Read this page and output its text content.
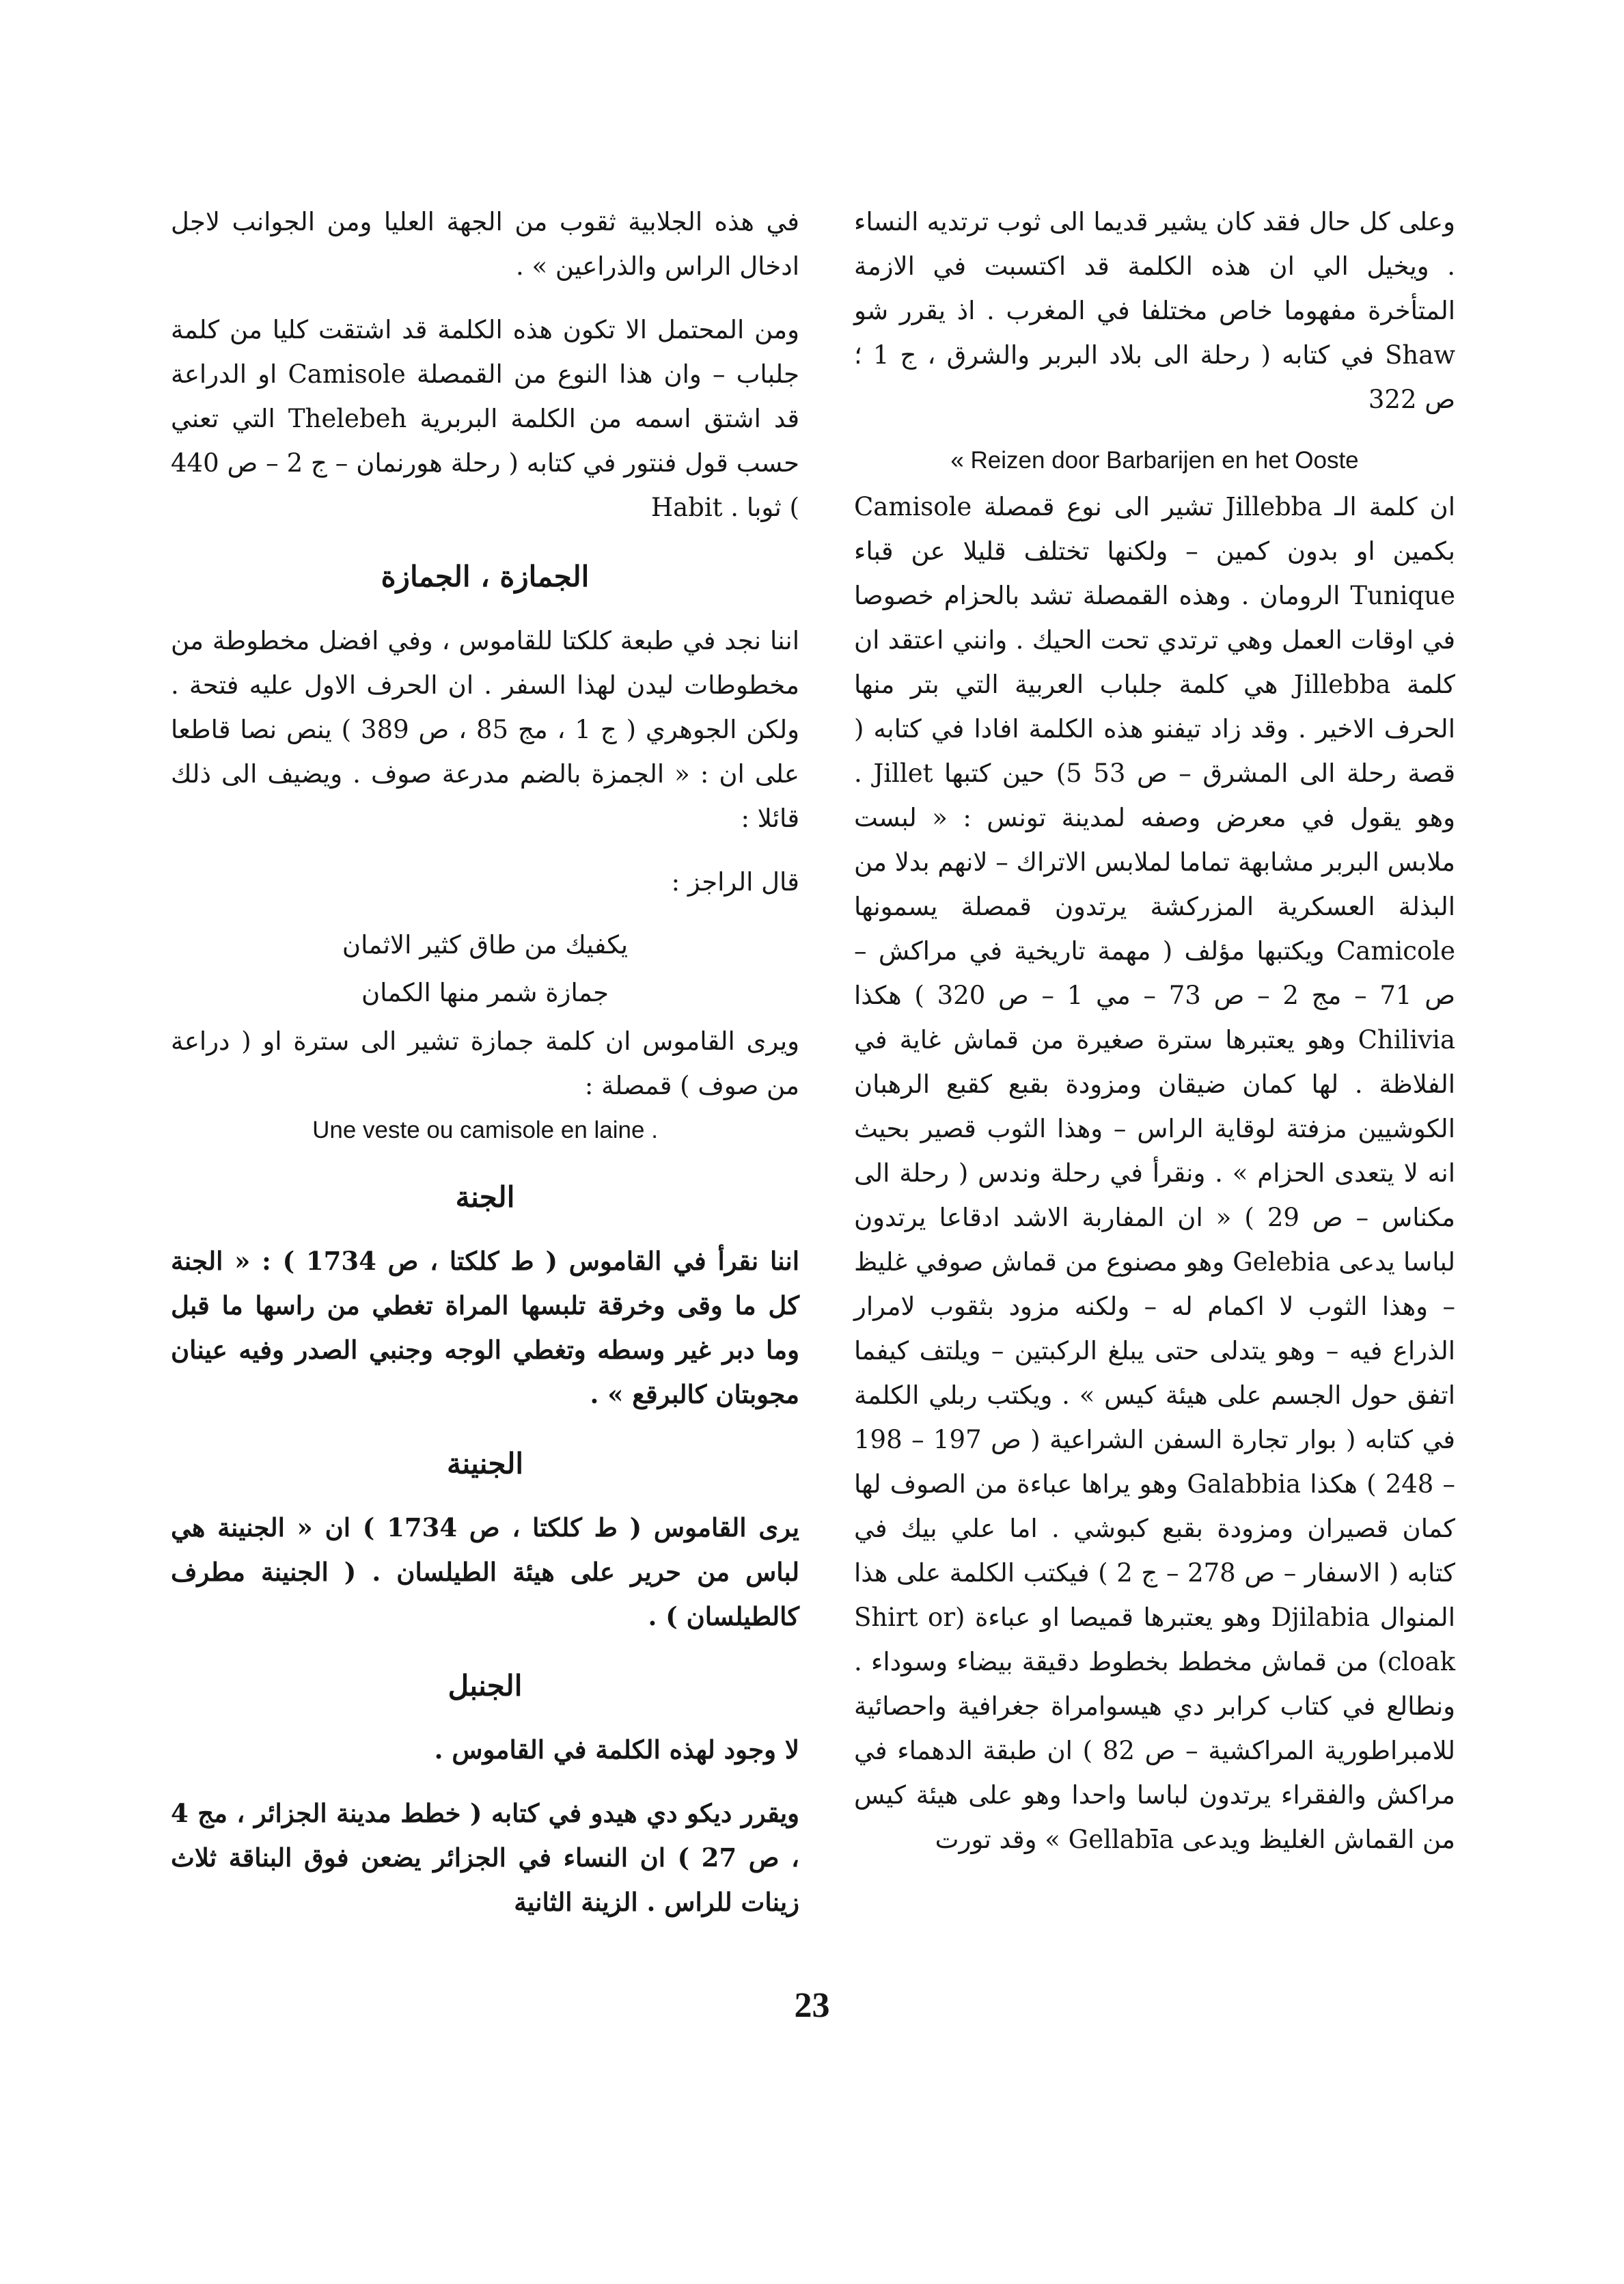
وعلى كل حال فقد كان يشير قديما الى ثوب ترتديه النساء . ويخيل الي ان هذه الكلمة قد اكتسبت في الازمة المتأخرة مفهوما خاص مختلفا في المغرب . اذ يقرر شو Shaw في كتابه ( رحلة الى بلاد البربر والشرق ، ج 1 ؛ ص 322

« Reizen door Barbarijen en het Ooste

ان كلمة الـ Jillebba تشير الى نوع قمصلة Camisole بكمين او بدون كمين – ولكنها تختلف قليلا عن قباء Tunique الرومان . وهذه القمصلة تشد بالحزام خصوصا في اوقات العمل وهي ترتدي تحت الحيك . وانني اعتقد ان كلمة Jillebba هي كلمة جلباب العربية التي بتر منها الحرف الاخير . وقد زاد تيفنو هذه الكلمة افادا في كتابه ( قصة رحلة الى المشرق – ص 53 5) حين كتبها Jillet . وهو يقول في معرض وصفه لمدينة تونس : « لبست ملابس البربر مشابهة تماما لملابس الاتراك – لانهم بدلا من البذلة العسكرية المزركشة يرتدون قمصلة يسمونها Camicole ويكتبها مؤلف ( مهمة تاريخية في مراكش – ص 71 – مج 2 – ص 73 – مي 1 – ص 320 ) هكذا Chilivia وهو يعتبرها سترة صغيرة من قماش غاية في الفلاظة . لها كمان ضيقان ومزودة بقبع كقبع الرهبان الكوشيين مزفتة لوقاية الراس – وهذا الثوب قصير بحيث انه لا يتعدى الحزام » . ونقرأ في رحلة وندس ( رحلة الى مكناس – ص 29 ) « ان المفاربة الاشد ادقاعا يرتدون لباسا يدعى Gelebia وهو مصنوع من قماش صوفي غليظ – وهذا الثوب لا اكمام له – ولكنه مزود بثقوب لامرار الذراع فيه – وهو يتدلى حتى يبلغ الركبتين – ويلتف كيفما اتفق حول الجسم على هيئة كيس » . ويكتب ربلي الكلمة في كتابه ( بوار تجارة السفن الشراعية ( ص 197 – 198 – 248 ) هكذا Galabbia وهو يراها عباءة من الصوف لها كمان قصيران ومزودة بقبع كبوشي . اما علي بيك في كتابه ( الاسفار – ص 278 – ج 2 ) فيكتب الكلمة على هذا المنوال Djilabia وهو يعتبرها قميصا او عباءة (Shirt or cloak) من قماش مخطط بخطوط دقيقة بيضاء وسوداء . ونطالع في كتاب كرابر دي هيسوامراة جغرافية واحصائية للامبراطورية المراكشية – ص 82 ) ان طبقة الدهماء في مراكش والفقراء يرتدون لباسا واحدا وهو على هيئة كيس من القماش الغليظ ويدعى Gellabīa » وقد تورت

في هذه الجلابية ثقوب من الجهة العليا ومن الجوانب لاجل ادخال الراس والذراعين » .

ومن المحتمل الا تكون هذه الكلمة قد اشتقت كليا من كلمة جلباب – وان هذا النوع من القمصلة Camisole او الدراعة قد اشتق اسمه من الكلمة البربرية Thelebeh التي تعني حسب قول فنتور في كتابه ( رحلة هورنمان – ج 2 – ص 440 ) ثوبا . Habit

الجمازة ، الجمازة

اننا نجد في طبعة كلكتا للقاموس ، وفي افضل مخطوطة من مخطوطات ليدن لهذا السفر . ان الحرف الاول عليه فتحة . ولكن الجوهري ( ج 1 ، مج 85 ، ص 389 ) ينص نصا قاطعا على ان : « الجمزة بالضم مدرعة صوف . ويضيف الى ذلك قائلا :

قال الراجز :

يكفيك من طاق كثير الاثمان
جمازة شمر منها الكمان

ويرى القاموس ان كلمة جمازة تشير الى سترة او ( دراعة من صوف ) قمصلة :

Une veste ou camisole en laine .
الجنة

اننا نقرأ في القاموس ( ط كلكتا ، ص 1734 ) : « الجنة كل ما وقى وخرقة تلبسها المراة تغطي من راسها ما قبل وما دبر غير وسطه وتغطي الوجه وجنبي الصدر وفيه عينان مجوبتان كالبرقع » .

الجنينة

يرى القاموس ( ط كلكتا ، ص 1734 ) ان « الجنينة هي لباس من حرير على هيئة الطيلسان . ( الجنينة مطرف كالطيلسان ) .

الجنبل

لا وجود لهذه الكلمة في القاموس .

ويقرر ديكو دي هيدو في كتابه ( خطط مدينة الجزائر ، مج 4 ، ص 27 ) ان النساء في الجزائر يضعن فوق البناقة ثلاث زينات للراس . الزينة الثانية

23
